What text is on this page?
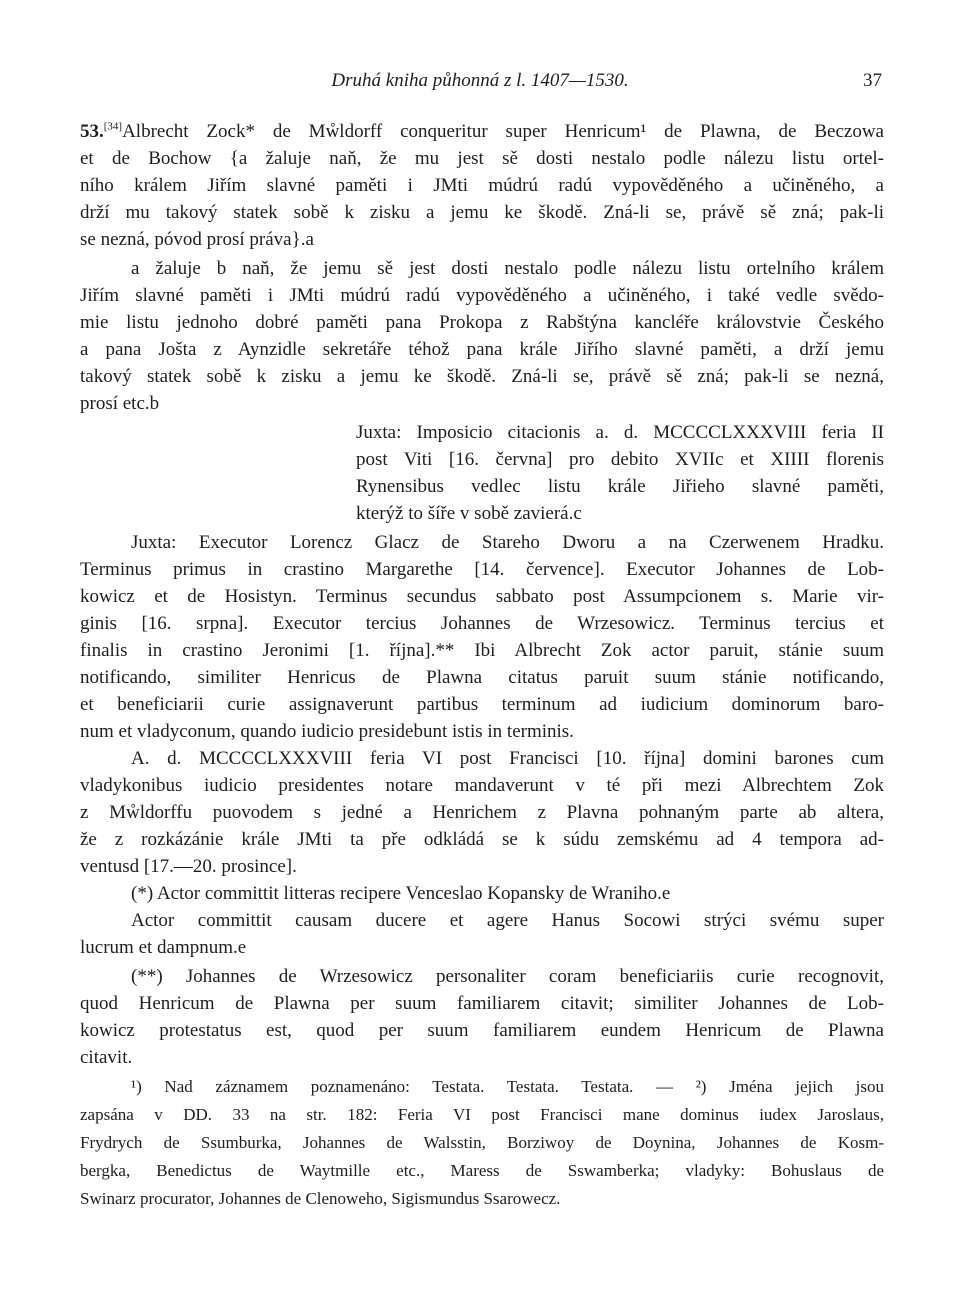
Druhá kniha půhonná z l. 1407—1530.	37
53.[34]Albrecht Zock* de Mẘldorff conqueritur super Henricum¹ de Plawna, de Beczowa
et de Bochow {a žaluje naň, že mu jest sě dosti nestalo podle nálezu listu ortel-
ního králem Jiřím slavné paměti i JMti múdrú radú vypověděného a učiněného, a
drží mu takový statek sobě k zisku a jemu ke škodě. Zná-li se, právě sě zná; pak-li
se nezná, póvod prosí práva}.a
a žaluje b naň, že jemu sě jest dosti nestalo podle nálezu listu ortelního králem
Jiřím slavné paměti i JMti múdrú radú vypověděného a učiněného, i také vedle svědo-
mie listu jednoho dobré paměti pana Prokopa z Rabštýna kancléře královstvie Českého
a pana Jošta z Aynzidle sekretáře téhož pana krále Jiřího slavné paměti, a drží jemu
takový statek sobě k zisku a jemu ke škodě. Zná-li se, právě sě zná; pak-li se nezná,
prosí etc.b
Juxta: Imposicio citacionis a. d. MCCCCLXXXVIII feria II
post Viti [16. června] pro debito XVIIc et XIIII florenis
Rynensibus vedlec listu krále Jiřieho slavné paměti,
kterýž to šíře v sobě zavierá.c
Juxta: Executor Lorencz Glacz de Stareho Dworu a na Czerwenem Hradku.
Terminus primus in crastino Margarethe [14. července]. Executor Johannes de Lob-
kowicz et de Hosistyn. Terminus secundus sabbato post Assumpcionem s. Marie vir-
ginis [16. srpna]. Executor tercius Johannes de Wrzesowicz. Terminus tercius et
finalis in crastino Jeronimi [1. října].** Ibi Albrecht Zok actor paruit, stánie suum
notificando, similiter Henricus de Plawna citatus paruit suum stánie notificando,
et beneficiarii curie assignaverunt partibus terminum ad iudicium dominorum baro-
num et vladyconum, quando iudicio presidebunt istis in terminis.
A. d. MCCCCLXXXVIII feria VI post Francisci [10. října] domini barones cum
vladykonibus iudicio presidentes notare mandaverunt v té při mezi Albrechtem Zok
z Mẘldorffu puovodem s jedné a Henrichem z Plavna pohnaným parte ab altera,
že z rozkázánie krále JMti ta pře odkládá se k súdu zemskému ad 4 tempora ad-
ventusd [17.—20. prosince].
(*) Actor committit litteras recipere Venceslao Kopansky de Wraniho.e
Actor committit causam ducere et agere Hanus Socowi strýci svému super
lucrum et dampnum.e
(**) Johannes de Wrzesowicz personaliter coram beneficiariis curie recognovit,
quod Henricum de Plawna per suum familiarem citavit; similiter Johannes de Lob-
kowicz protestatus est, quod per suum familiarem eundem Henricum de Plawna
citavit.
¹) Nad záznamem poznamenáno: Testata. Testata. Testata. — ²) Jména jejich jsou
zapsána v DD. 33 na str. 182: Feria VI post Francisci mane dominus iudex Jaroslaus,
Frydrych de Ssumburka, Johannes de Walsstin, Borziwoy de Doynina, Johannes de Kosm-
bergka, Benedictus de Waytmille etc., Maress de Sswamberka; vladyky: Bohuslaus de
Swinarz procurator, Johannes de Clenoweho, Sigismundus Ssarowecz.
